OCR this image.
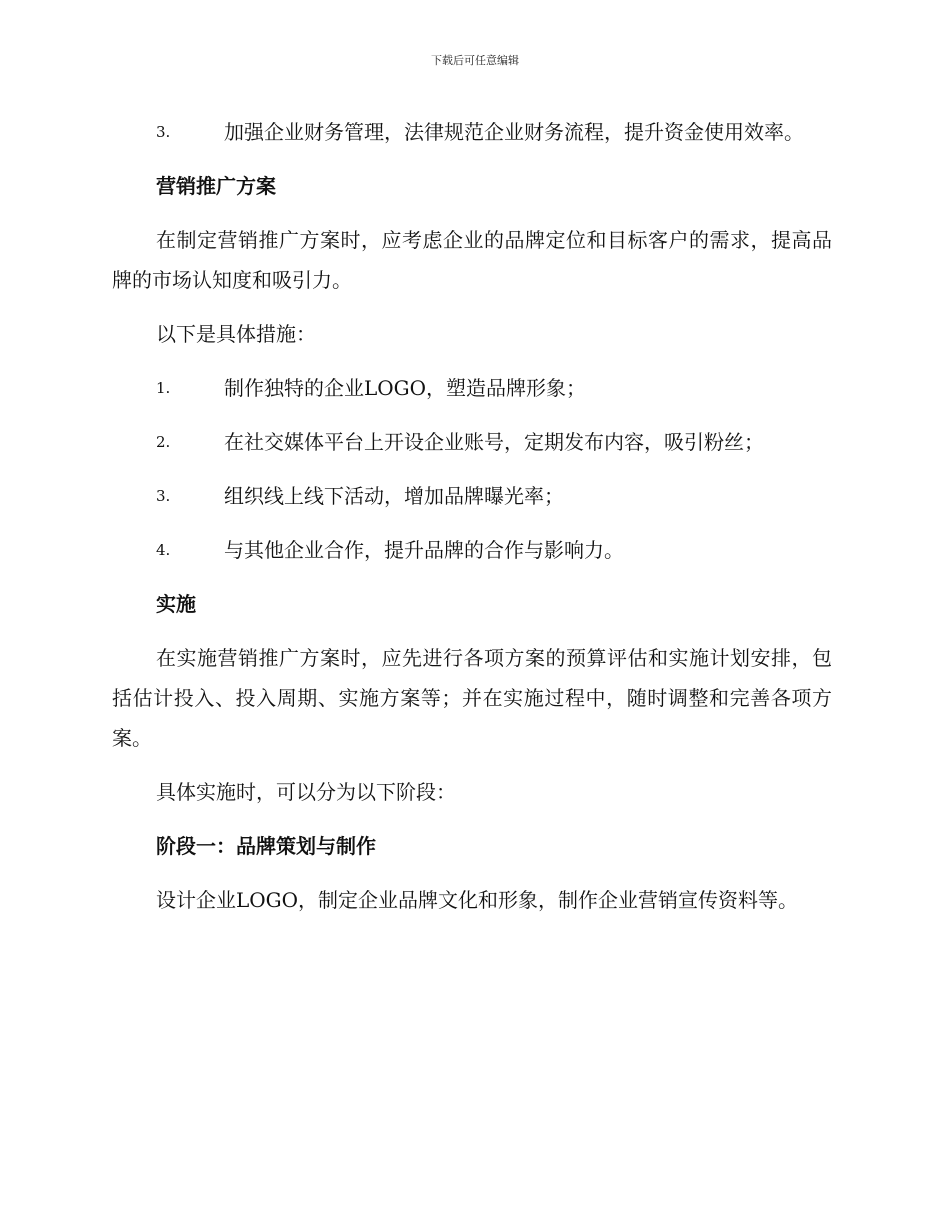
下载后可任意编辑
3.	加强企业财务管理，法律规范企业财务流程，提升资金使用效率。
营销推广方案

在制定营销推广方案时，应考虑企业的品牌定位和目标客户的需求，提高品牌的市场认知度和吸引力。

以下是具体措施：

1.	制作独特的企业LOGO，塑造品牌形象；
2.	在社交媒体平台上开设企业账号，定期发布内容，吸引粉丝；
3.	组织线上线下活动，增加品牌曝光率；
4.	与其他企业合作，提升品牌的合作与影响力。
实施

在实施营销推广方案时，应先进行各项方案的预算评估和实施计划安排，包括估计投入、投入周期、实施方案等；并在实施过程中，随时调整和完善各项方案。

具体实施时，可以分为以下阶段：

阶段一：品牌策划与制作

设计企业LOGO，制定企业品牌文化和形象，制作企业营销宣传资料等。
